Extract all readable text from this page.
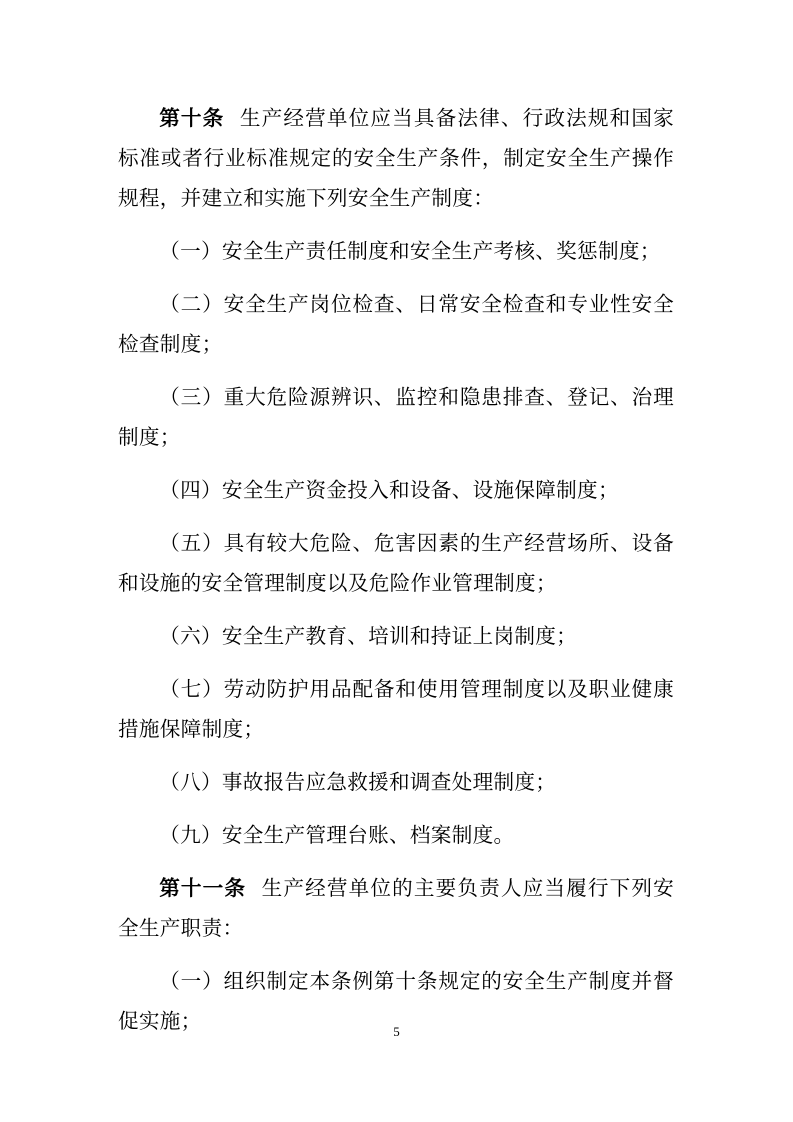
第十条 生产经营单位应当具备法律、行政法规和国家标准或者行业标准规定的安全生产条件，制定安全生产操作规程，并建立和实施下列安全生产制度：

（一）安全生产责任制度和安全生产考核、奖惩制度；

（二）安全生产岗位检查、日常安全检查和专业性安全检查制度；

（三）重大危险源辨识、监控和隐患排查、登记、治理制度；

（四）安全生产资金投入和设备、设施保障制度；

（五）具有较大危险、危害因素的生产经营场所、设备和设施的安全管理制度以及危险作业管理制度；

（六）安全生产教育、培训和持证上岗制度；

（七）劳动防护用品配备和使用管理制度以及职业健康措施保障制度；

（八）事故报告应急救援和调查处理制度；

（九）安全生产管理台账、档案制度。

第十一条 生产经营单位的主要负责人应当履行下列安全生产职责：

（一）组织制定本条例第十条规定的安全生产制度并督促实施；	5
